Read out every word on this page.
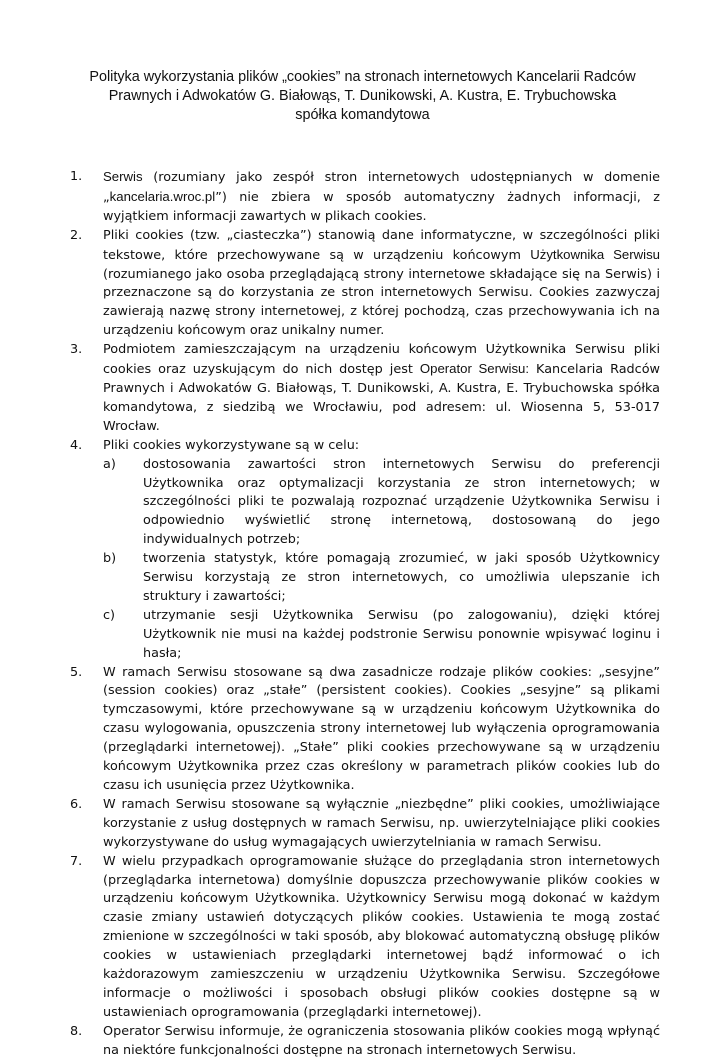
Polityka wykorzystania plików „cookies” na stronach internetowych Kancelarii Radców
Prawnych i Adwokatów G. Białowąs, T. Dunikowski, A. Kustra, E. Trybuchowska
spółka komandytowa

1. Serwis (rozumiany jako zespół stron internetowych udostępnianych w domenie „kancelaria.wroc.pl”) nie zbiera w sposób automatyczny żadnych informacji, z wyjątkiem informacji zawartych w plikach cookies.

2. Pliki cookies (tzw. „ciasteczka”) stanowią dane informatyczne, w szczególności pliki tekstowe, które przechowywane są w urządzeniu końcowym Użytkownika Serwisu (rozumianego jako osoba przeglądającą strony internetowe składające się na Serwis) i przeznaczone są do korzystania ze stron internetowych Serwisu. Cookies zazwyczaj zawierają nazwę strony internetowej, z której pochodzą, czas przechowywania ich na urządzeniu końcowym oraz unikalny numer.

3. Podmiotem zamieszczającym na urządzeniu końcowym Użytkownika Serwisu pliki cookies oraz uzyskującym do nich dostęp jest Operator Serwisu: Kancelaria Radców Prawnych i Adwokatów G. Białowąs, T. Dunikowski, A. Kustra, E. Trybuchowska spółka komandytowa, z siedzibą we Wrocławiu, pod adresem: ul. Wiosenna 5, 53-017 Wrocław.

4. Pliki cookies wykorzystywane są w celu:

a) dostosowania zawartości stron internetowych Serwisu do preferencji Użytkownika oraz optymalizacji korzystania ze stron internetowych; w szczególności pliki te pozwalają rozpoznać urządzenie Użytkownika Serwisu i odpowiednio wyświetlić stronę internetową, dostosowaną do jego indywidualnych potrzeb;

b) tworzenia statystyk, które pomagają zrozumieć, w jaki sposób Użytkownicy Serwisu korzystają ze stron internetowych, co umożliwia ulepszanie ich struktury i zawartości;

c) utrzymanie sesji Użytkownika Serwisu (po zalogowaniu), dzięki której Użytkownik nie musi na każdej podstronie Serwisu ponownie wpisywać loginu i hasła;

5. W ramach Serwisu stosowane są dwa zasadnicze rodzaje plików cookies: „sesyjne” (session cookies) oraz „stałe” (persistent cookies). Cookies „sesyjne” są plikami tymczasowymi, które przechowywane są w urządzeniu końcowym Użytkownika do czasu wylogowania, opuszczenia strony internetowej lub wyłączenia oprogramowania (przeglądarki internetowej). „Stałe” pliki cookies przechowywane są w urządzeniu końcowym Użytkownika przez czas określony w parametrach plików cookies lub do czasu ich usunięcia przez Użytkownika.

6. W ramach Serwisu stosowane są wyłącznie „niezbędne” pliki cookies, umożliwiające korzystanie z usług dostępnych w ramach Serwisu, np. uwierzytelniające pliki cookies wykorzystywane do usług wymagających uwierzytelniania w ramach Serwisu.

7. W wielu przypadkach oprogramowanie służące do przeglądania stron internetowych (przeglądarka internetowa) domyślnie dopuszcza przechowywanie plików cookies w urządzeniu końcowym Użytkownika. Użytkownicy Serwisu mogą dokonać w każdym czasie zmiany ustawień dotyczących plików cookies. Ustawienia te mogą zostać zmienione w szczególności w taki sposób, aby blokować automatyczną obsługę plików cookies w ustawieniach przeglądarki internetowej bądź informować o ich każdorazowym zamieszczeniu w urządzeniu Użytkownika Serwisu. Szczegółowe informacje o możliwości i sposobach obsługi plików cookies dostępne są w ustawieniach oprogramowania (przeglądarki internetowej).

8. Operator Serwisu informuje, że ograniczenia stosowania plików cookies mogą wpłynąć na niektóre funkcjonalności dostępne na stronach internetowych Serwisu.
